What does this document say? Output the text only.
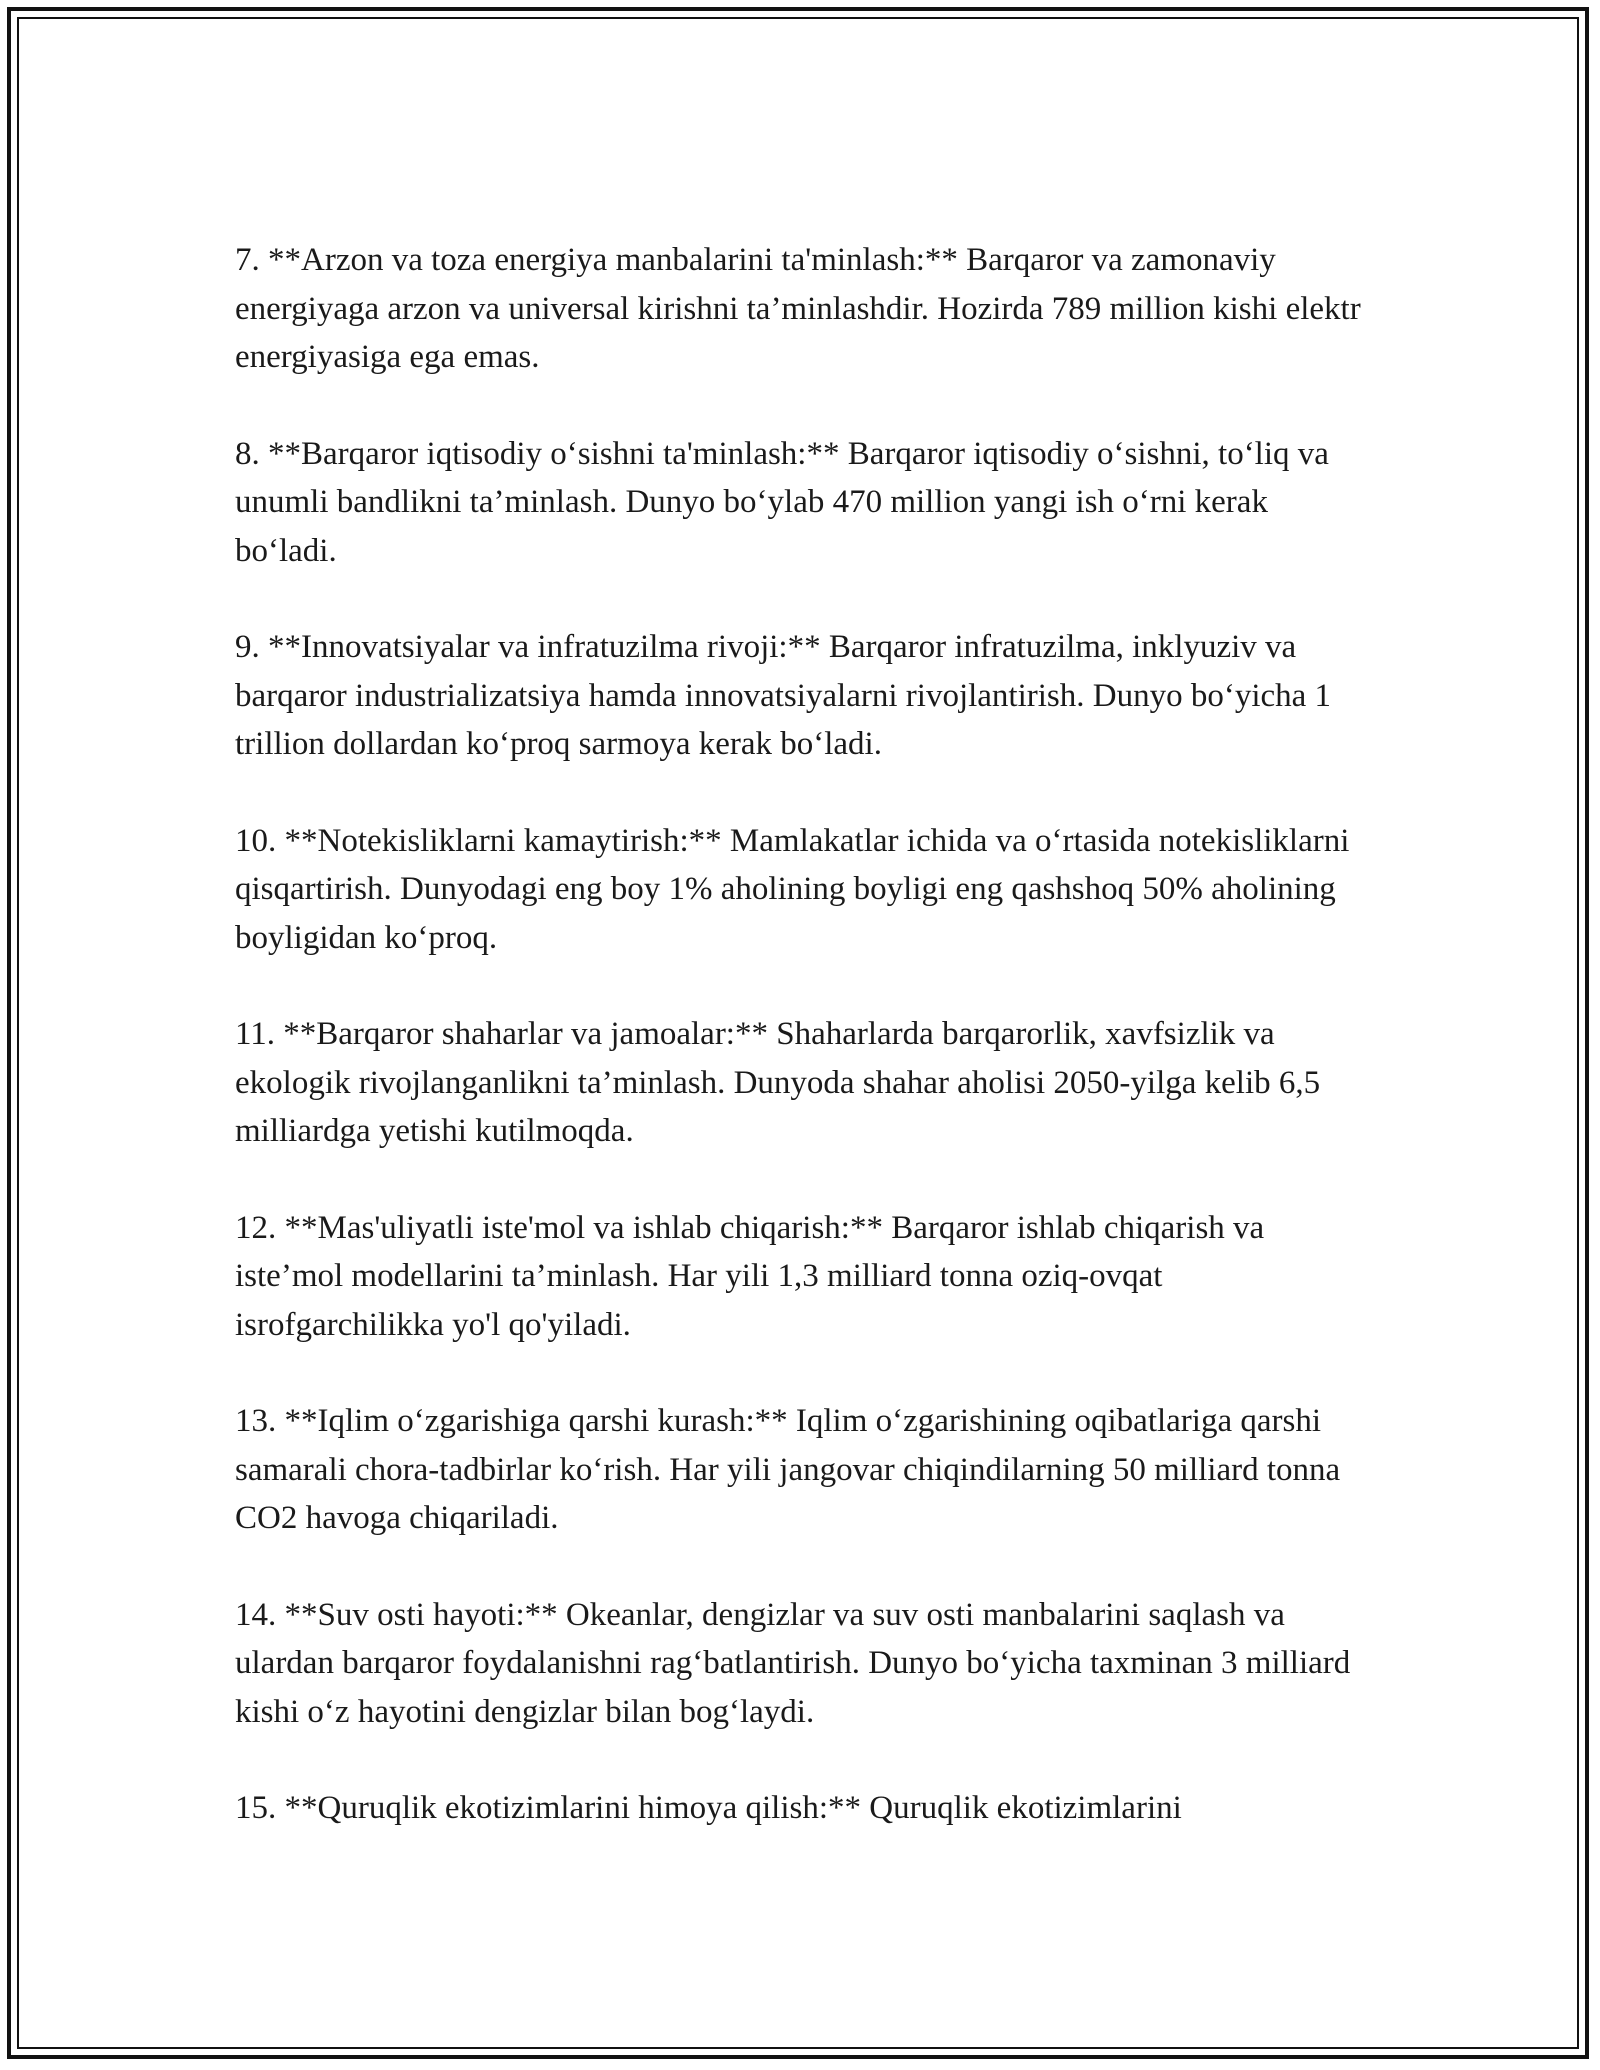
7. **Arzon va toza energiya manbalarini ta'minlash:** Barqaror va zamonaviy energiyaga arzon va universal kirishni ta’minlashdir. Hozirda 789 million kishi elektr energiyasiga ega emas.

8. **Barqaror iqtisodiy o‘sishni ta'minlash:** Barqaror iqtisodiy o‘sishni, to‘liq va unumli bandlikni ta’minlash. Dunyo bo‘ylab 470 million yangi ish o‘rni kerak bo‘ladi.

9. **Innovatsiyalar va infratuzilma rivoji:** Barqaror infratuzilma, inklyuziv va barqaror industrializatsiya hamda innovatsiyalarni rivojlantirish. Dunyo bo‘yicha 1 trillion dollardan ko‘proq sarmoya kerak bo‘ladi.

10. **Notekisliklarni kamaytirish:** Mamlakatlar ichida va o‘rtasida notekisliklarni qisqartirish. Dunyodagi eng boy 1% aholining boyligi eng qashshoq 50% aholining boyligidan ko‘proq.

11. **Barqaror shaharlar va jamoalar:** Shaharlarda barqarorlik, xavfsizlik va ekologik rivojlanganlikni ta’minlash. Dunyoda shahar aholisi 2050-yilga kelib 6,5 milliardga yetishi kutilmoqda.

12. **Mas'uliyatli iste'mol va ishlab chiqarish:** Barqaror ishlab chiqarish va iste’mol modellarini ta’minlash. Har yili 1,3 milliard tonna oziq-ovqat isrofgarchilikka yo'l qo'yiladi.

13. **Iqlim o‘zgarishiga qarshi kurash:** Iqlim o‘zgarishining oqibatlariga qarshi samarali chora-tadbirlar ko‘rish. Har yili jangovar chiqindilarning 50 milliard tonna CO2 havoga chiqariladi.

14. **Suv osti hayoti:** Okeanlar, dengizlar va suv osti manbalarini saqlash va ulardan barqaror foydalanishni rag‘batlantirish. Dunyo bo‘yicha taxminan 3 milliard kishi o‘z hayotini dengizlar bilan bog‘laydi.

15. **Quruqlik ekotizimlarini himoya qilish:** Quruqlik ekotizimlarini
